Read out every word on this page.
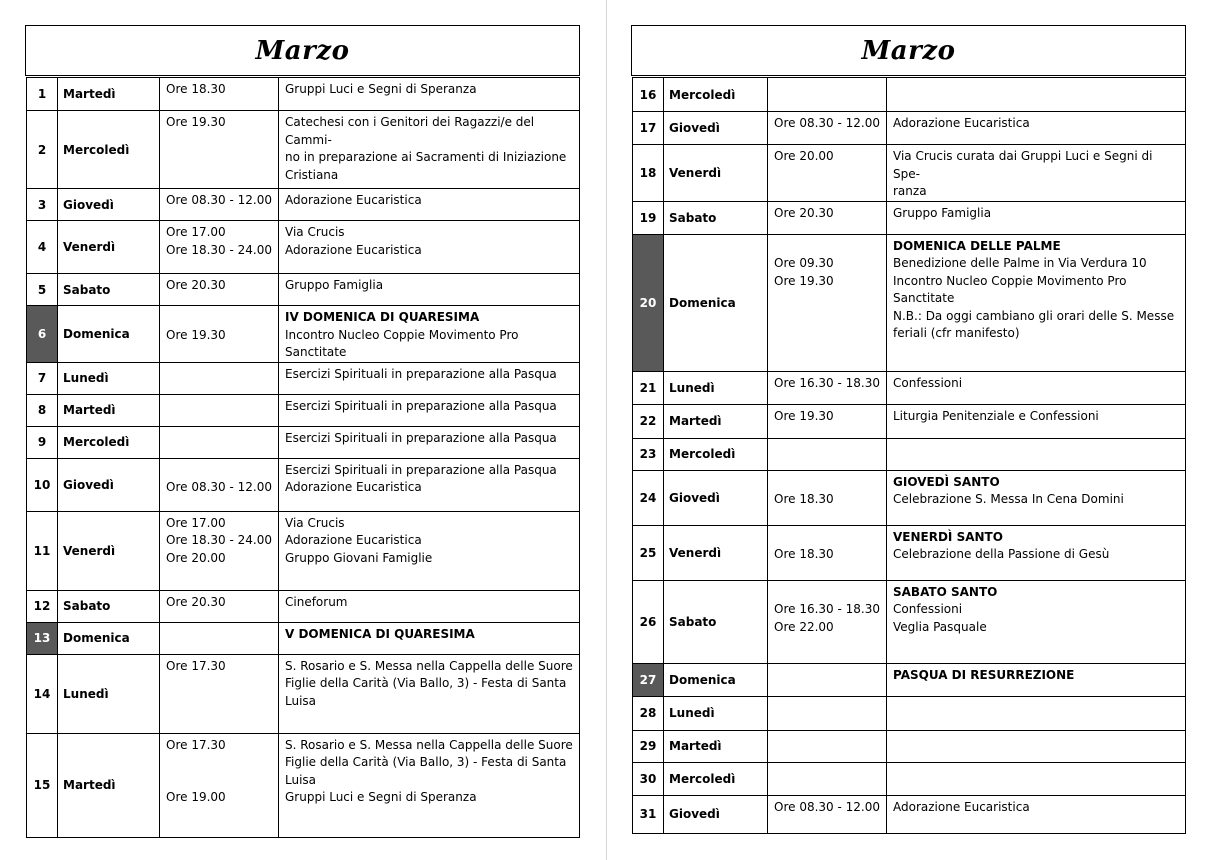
Marzo
1	Martedì	Ore 18.30	Gruppi Luci e Segni di Speranza

2	Mercoledì	Ore 19.30	Catechesi con i Genitori dei Ragazzi/e del Cammi-
no in preparazione ai Sacramenti di Iniziazione
Cristiana

3	Giovedì	Ore 08.30 - 12.00	Adorazione Eucaristica

4	Venerdì	Ore 17.00
Ore 18.30 - 24.00	Via Crucis
Adorazione Eucaristica

5	Sabato	Ore 20.30	Gruppo Famiglia

6	Domenica	Ore 19.30	IV DOMENICA DI QUARESIMA
Incontro Nucleo Coppie Movimento Pro Sanctitate

7	Lunedì		Esercizi Spirituali in preparazione alla Pasqua

8	Martedì		Esercizi Spirituali in preparazione alla Pasqua

9	Mercoledì		Esercizi Spirituali in preparazione alla Pasqua

10	Giovedì	Ore 08.30 - 12.00	Esercizi Spirituali in preparazione alla Pasqua
Adorazione Eucaristica

11	Venerdì	Ore 17.00
Ore 18.30 - 24.00
Ore 20.00	Via Crucis
Adorazione Eucaristica
Gruppo Giovani Famiglie

12	Sabato	Ore 20.30	Cineforum

13	Domenica		V DOMENICA DI QUARESIMA

14	Lunedì	Ore 17.30	S. Rosario e S. Messa nella Cappella delle Suore
Figlie della Carità (Via Ballo, 3) - Festa di Santa
Luisa

15	Martedì	Ore 17.30

Ore 19.00	S. Rosario e S. Messa nella Cappella delle Suore
Figlie della Carità (Via Ballo, 3) - Festa di Santa
Luisa
Gruppi Luci e Segni di Speranza
Marzo
16	Mercoledì		
17	Giovedì	Ore 08.30 - 12.00	Adorazione Eucaristica

18	Venerdì	Ore 20.00	Via Crucis curata dai Gruppi Luci e Segni di Spe-
ranza

19	Sabato	Ore 20.30	Gruppo Famiglia

20	Domenica	Ore 09.30
Ore 19.30	DOMENICA DELLE PALME
Benedizione delle Palme in Via Verdura 10
Incontro Nucleo Coppie Movimento Pro Sanctitate
N.B.: Da oggi cambiano gli orari delle S. Messe
feriali (cfr manifesto)

21	Lunedì	Ore 16.30 - 18.30	Confessioni

22	Martedì	Ore 19.30	Liturgia Penitenziale e Confessioni

23	Mercoledì		
24	Giovedì	Ore 18.30	GIOVEDÌ SANTO
Celebrazione S. Messa In Cena Domini

25	Venerdì	Ore 18.30	VENERDÌ SANTO
Celebrazione della Passione di Gesù

26	Sabato	Ore 16.30 - 18.30
Ore 22.00	SABATO SANTO
Confessioni
Veglia Pasquale

27	Domenica		PASQUA DI RESURREZIONE

28	Lunedì		
29	Martedì		
30	Mercoledì		
31	Giovedì	Ore 08.30 - 12.00	Adorazione Eucaristica
